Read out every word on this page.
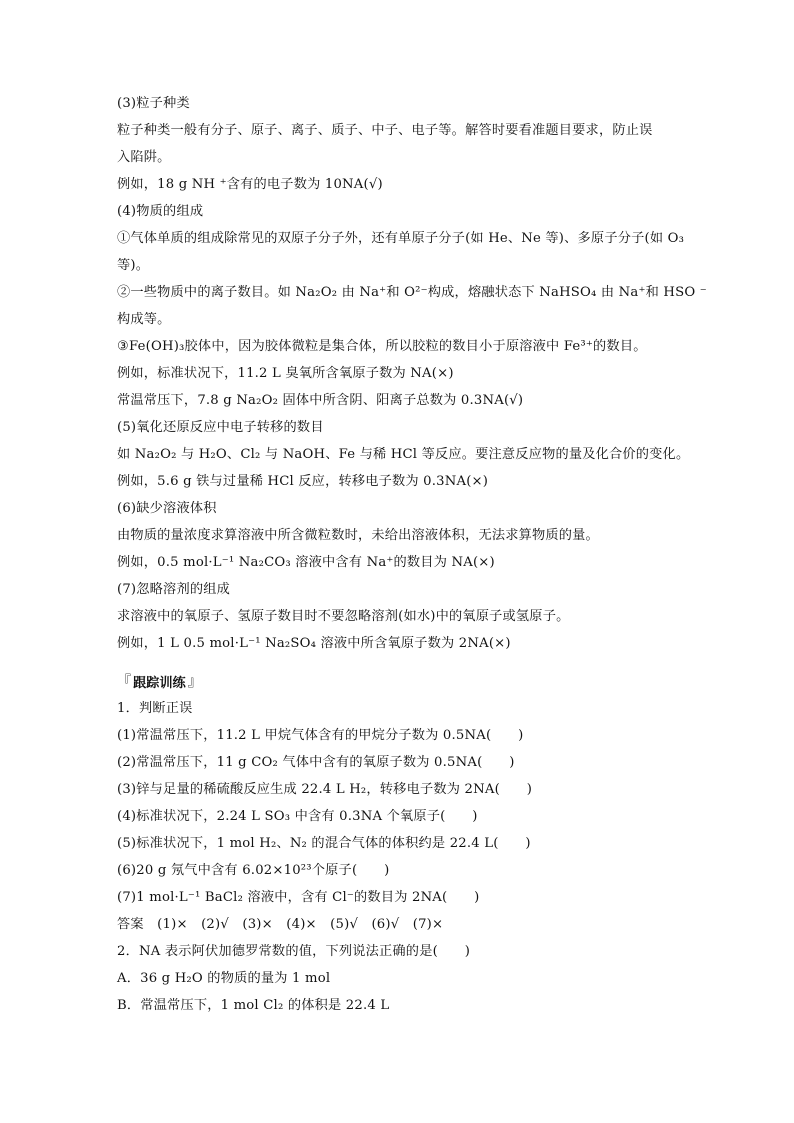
(3)粒子种类
粒子种类一般有分子、原子、离子、质子、中子、电子等。解答时要看准题目要求，防止误
入陷阱。
例如，18 g NH ⁺含有的电子数为 10NA(√)
(4)物质的组成
①气体单质的组成除常见的双原子分子外，还有单原子分子(如 He、Ne 等)、多原子分子(如 O₃
等)。
②一些物质中的离子数目。如 Na₂O₂ 由 Na⁺和 O²⁻构成，熔融状态下 NaHSO₄ 由 Na⁺和 HSO ⁻
构成等。
③Fe(OH)₃胶体中，因为胶体微粒是集合体，所以胶粒的数目小于原溶液中 Fe³⁺的数目。
例如，标准状况下，11.2 L 臭氧所含氧原子数为 NA(×)
常温常压下，7.8 g Na₂O₂ 固体中所含阴、阳离子总数为 0.3NA(√)
(5)氧化还原反应中电子转移的数目
如 Na₂O₂ 与 H₂O、Cl₂ 与 NaOH、Fe 与稀 HCl 等反应。要注意反应物的量及化合价的变化。
例如，5.6 g 铁与过量稀 HCl 反应，转移电子数为 0.3NA(×)
(6)缺少溶液体积
由物质的量浓度求算溶液中所含微粒数时，未给出溶液体积，无法求算物质的量。
例如，0.5 mol·L⁻¹ Na₂CO₃ 溶液中含有 Na⁺的数目为 NA(×)
(7)忽略溶剂的组成
求溶液中的氧原子、氢原子数目时不要忽略溶剂(如水)中的氧原子或氢原子。
例如，1 L 0.5 mol·L⁻¹ Na₂SO₄ 溶液中所含氧原子数为 2NA(×)
『 跟踪训练 』
1．判断正误
(1)常温常压下，11.2 L 甲烷气体含有的甲烷分子数为 0.5NA(　　)
(2)常温常压下，11 g CO₂ 气体中含有的氧原子数为 0.5NA(　　)
(3)锌与足量的稀硫酸反应生成 22.4 L H₂，转移电子数为 2NA(　　)
(4)标准状况下，2.24 L SO₃ 中含有 0.3NA 个氧原子(　　)
(5)标准状况下，1 mol H₂、N₂ 的混合气体的体积约是 22.4 L(　　)
(6)20 g 氖气中含有 6.02×10²³个原子(　　)
(7)1 mol·L⁻¹ BaCl₂ 溶液中，含有 Cl⁻的数目为 2NA(　　)
答案　(1)×　(2)√　(3)×　(4)×　(5)√　(6)√　(7)×
2．NA 表示阿伏加德罗常数的值，下列说法正确的是(　　)
A．36 g H₂O 的物质的量为 1 mol
B．常温常压下，1 mol Cl₂ 的体积是 22.4 L
